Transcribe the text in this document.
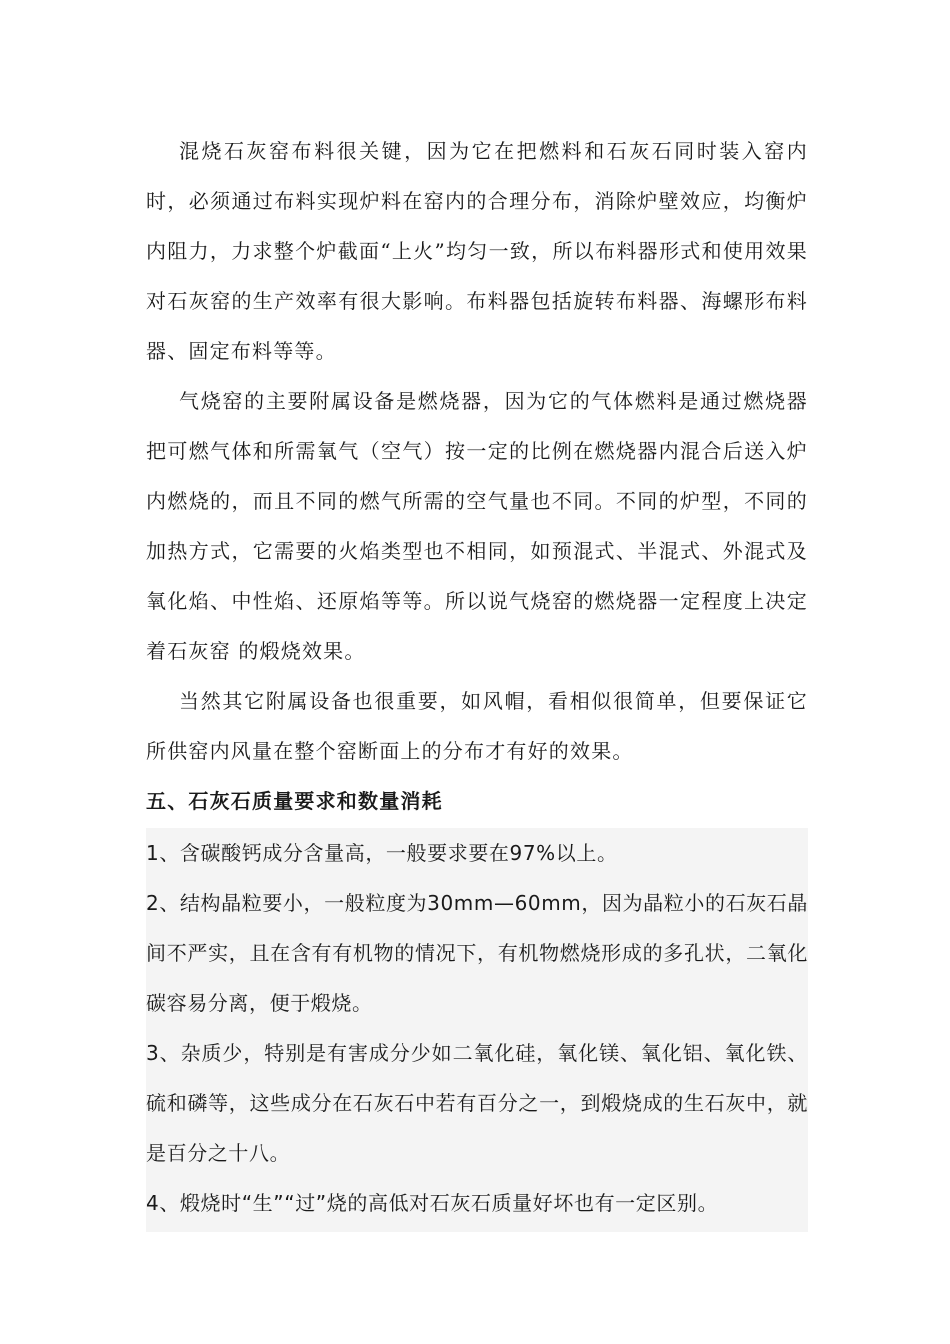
混烧石灰窑布料很关键，因为它在把燃料和石灰石同时装入窑内时，必须通过布料实现炉料在窑内的合理分布，消除炉壁效应，均衡炉内阻力，力求整个炉截面“上火”均匀一致，所以布料器形式和使用效果对石灰窑的生产效率有很大影响。布料器包括旋转布料器、海螺形布料器、固定布料等等。

气烧窑的主要附属设备是燃烧器，因为它的气体燃料是通过燃烧器把可燃气体和所需氧气（空气）按一定的比例在燃烧器内混合后送入炉内燃烧的，而且不同的燃气所需的空气量也不同。不同的炉型，不同的加热方式，它需要的火焰类型也不相同，如预混式、半混式、外混式及氧化焰、中性焰、还原焰等等。所以说气烧窑的燃烧器一定程度上决定着石灰窑 的煅烧效果。

当然其它附属设备也很重要，如风帽，看相似很简单，但要保证它所供窑内风量在整个窑断面上的分布才有好的效果。

五、石灰石质量要求和数量消耗

1、含碳酸钙成分含量高，一般要求要在97%以上。

2、结构晶粒要小，一般粒度为30mm—60mm，因为晶粒小的石灰石晶间不严实，且在含有有机物的情况下，有机物燃烧形成的多孔状，二氧化碳容易分离，便于煅烧。

3、杂质少，特别是有害成分少如二氧化硅，氧化镁、氧化铝、氧化铁、硫和磷等，这些成分在石灰石中若有百分之一，到煅烧成的生石灰中，就是百分之十八。

4、煅烧时“生”“过”烧的高低对石灰石质量好坏也有一定区别。
